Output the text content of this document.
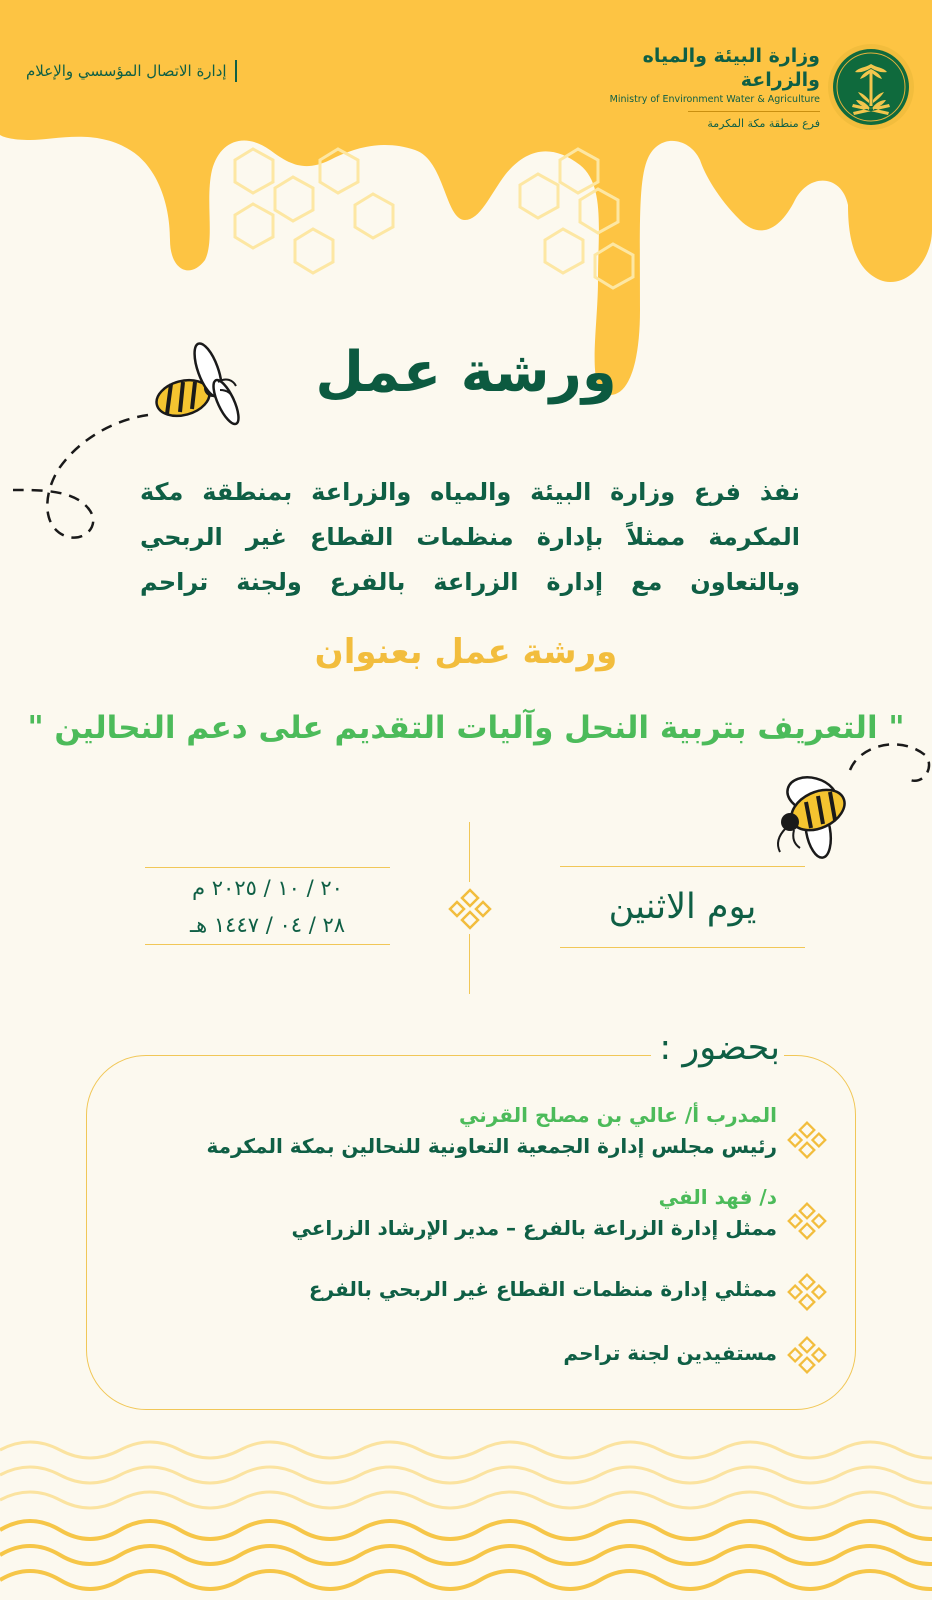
وزارة البيئة والمياه والزراعة
Ministry of Environment Water & Agriculture
فرع منطقة مكة المكرمة
إدارة الاتصال المؤسسي والإعلام
ورشة عمل
نفذ فرع وزارة البيئة والمياه والزراعة بمنطقة مكة المكرمة ممثلاً بإدارة منظمات القطاع غير الربحي وبالتعاون مع إدارة الزراعة بالفرع ولجنة تراحم
ورشة عمل بعنوان
" التعريف بتربية النحل وآليات التقديم على دعم النحالين "
يوم الاثنين
٢٠ / ١٠ / ٢٠٢٥ م
٢٨ / ٠٤ / ١٤٤٧ هـ
بحضور :
المدرب أ/ عالي بن مصلح القرني
رئيس مجلس إدارة الجمعية التعاونية للنحالين بمكة المكرمة
د/ فهد الفي
ممثل إدارة الزراعة بالفرع – مدير الإرشاد الزراعي
ممثلي إدارة منظمات القطاع غير الربحي بالفرع
مستفيدين لجنة تراحم
